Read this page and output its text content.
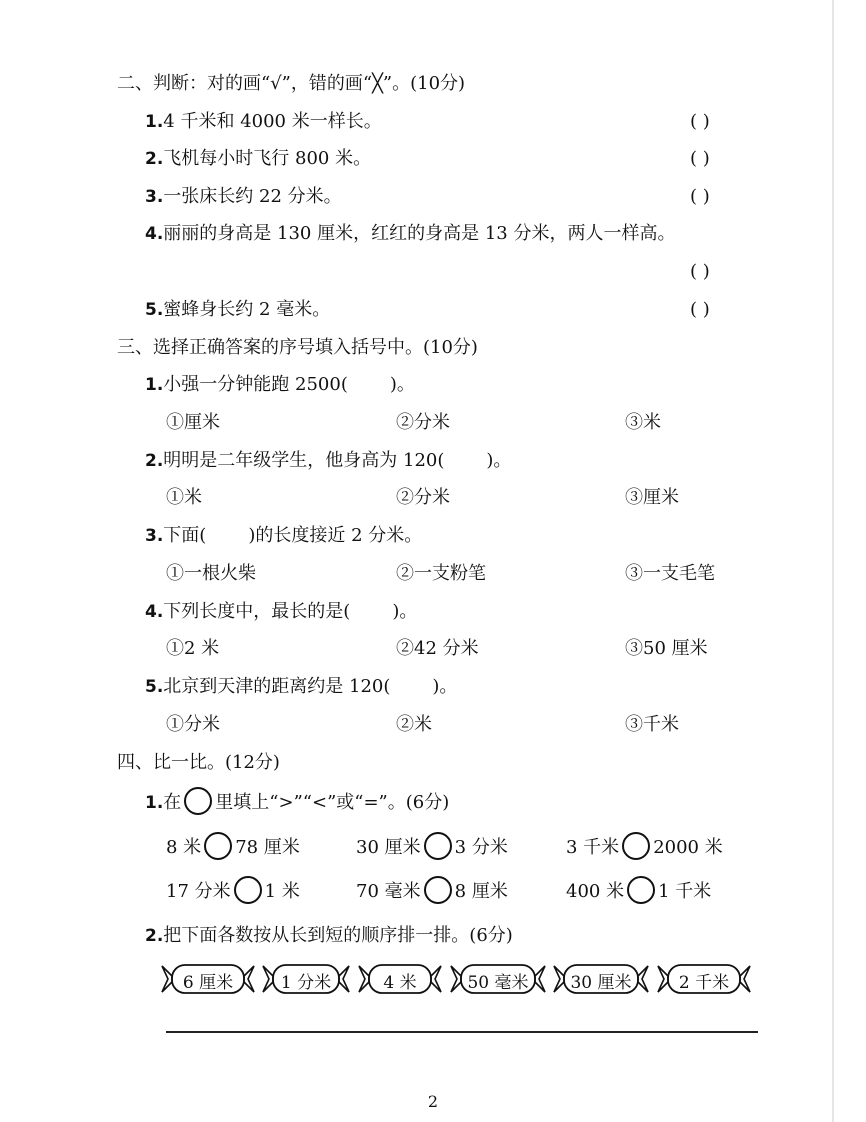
二、判断：对的画“√”，错的画“╳”。(10分)
1.4 千米和 4000 米一样长。	( )
2.飞机每小时飞行 800 米。	( )
3.一张床长约 22 分米。	( )
4.丽丽的身高是 130 厘米，红红的身高是 13 分米，两人一样高。
( )
5.蜜蜂身长约 2 毫米。	( )
三、选择正确答案的序号填入括号中。(10分)
1.小强一分钟能跑 2500( )。
①厘米	②分米	③米
2.明明是二年级学生，他身高为 120( )。
①米	②分米	③厘米
3.下面( )的长度接近 2 分米。
①一根火柴	②一支粉笔	③一支毛笔
4.下列长度中，最长的是( )。
①2 米	②42 分米	③50 厘米
5.北京到天津的距离约是 120( )。
①分米	②米	③千米
四、比一比。(12分)
1.在 里填上“>”“<”或“=”。(6分)
8 米 78 厘米	30 厘米 3 分米	3 千米 2000 米
17 分米 1 米	70 毫米 8 厘米	400 米 1 千米
2.把下面各数按从长到短的顺序排一排。(6分)
6 厘米	1 分米	4 米	50 毫米	30 厘米	2 千米
2
